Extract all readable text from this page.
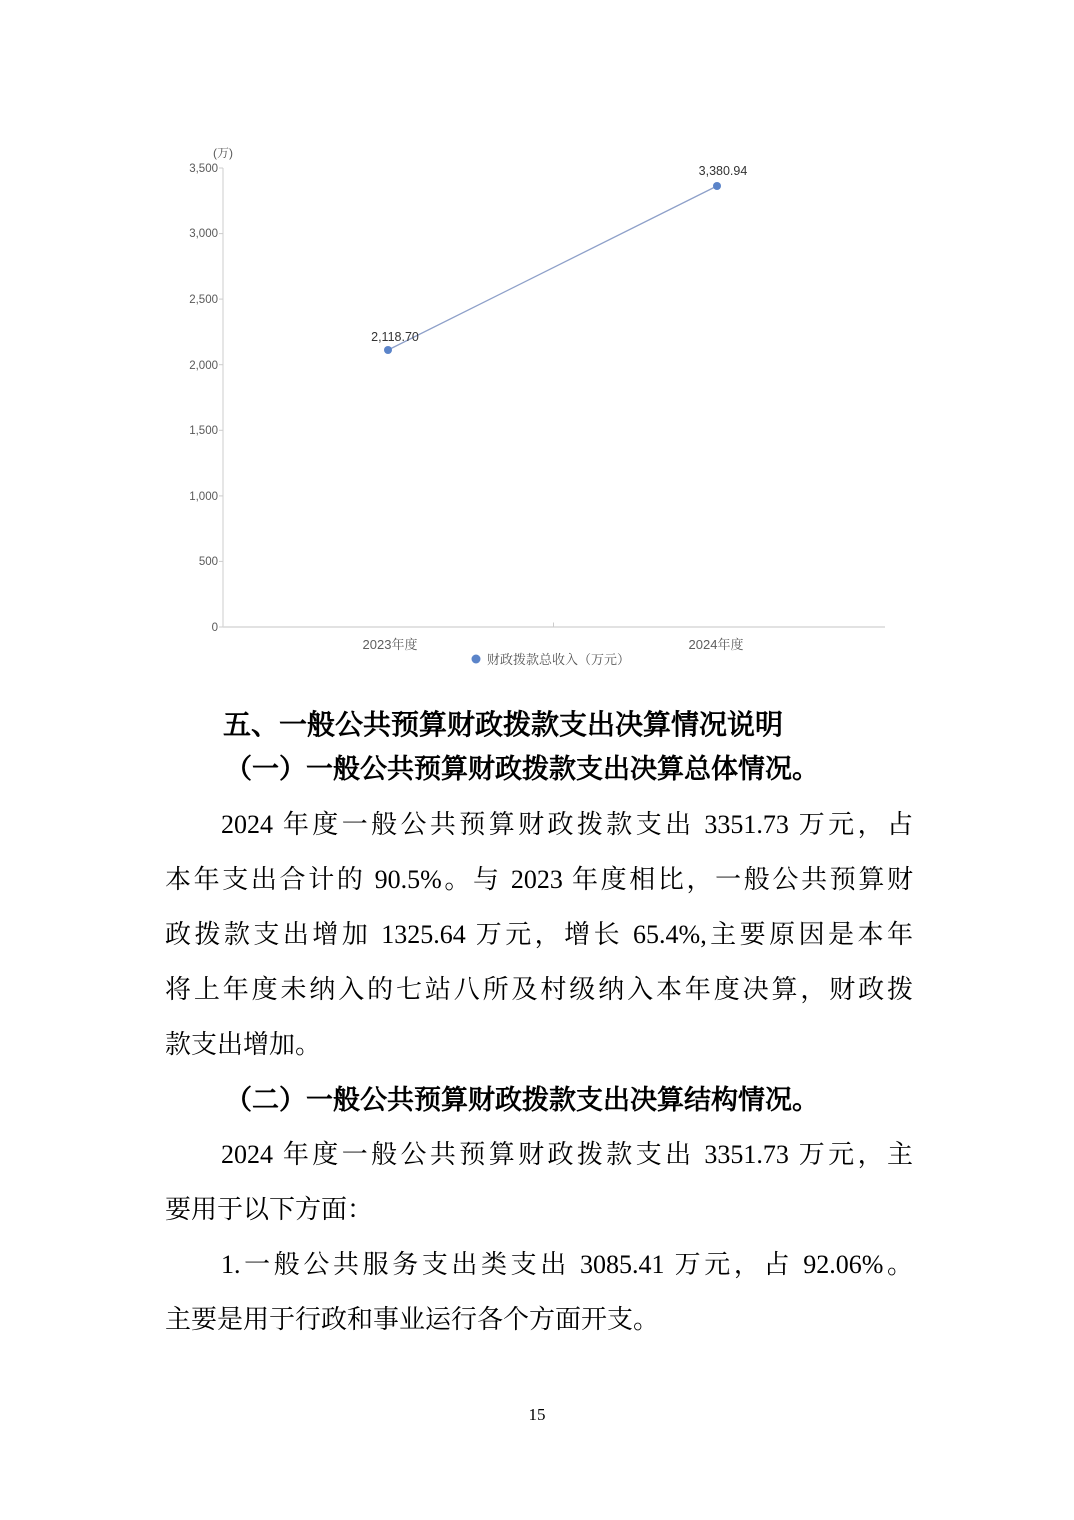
(万)
3,500
3,000
2,500
2,000
1,500
1,000
500
0
2,118.70
3,380.94
2023年度	2024年度
财政拨款总收入（万元）
五、一般公共预算财政拨款支出决算情况说明
（一）一般公共预算财政拨款支出决算总体情况。
2024 年度一般公共预算财政拨款支出 3351.73 万元，占
本年支出合计的 90.5%。与 2023 年度相比，一般公共预算财
政拨款支出增加 1325.64 万元，增长 65.4%,主要原因是本年
将上年度未纳入的七站八所及村级纳入本年度决算，财政拨
款支出增加。
（二）一般公共预算财政拨款支出决算结构情况。
2024 年度一般公共预算财政拨款支出 3351.73 万元，主
要用于以下方面：
1.一般公共服务支出类支出 3085.41 万元，占 92.06%。
主要是用于行政和事业运行各个方面开支。
15
